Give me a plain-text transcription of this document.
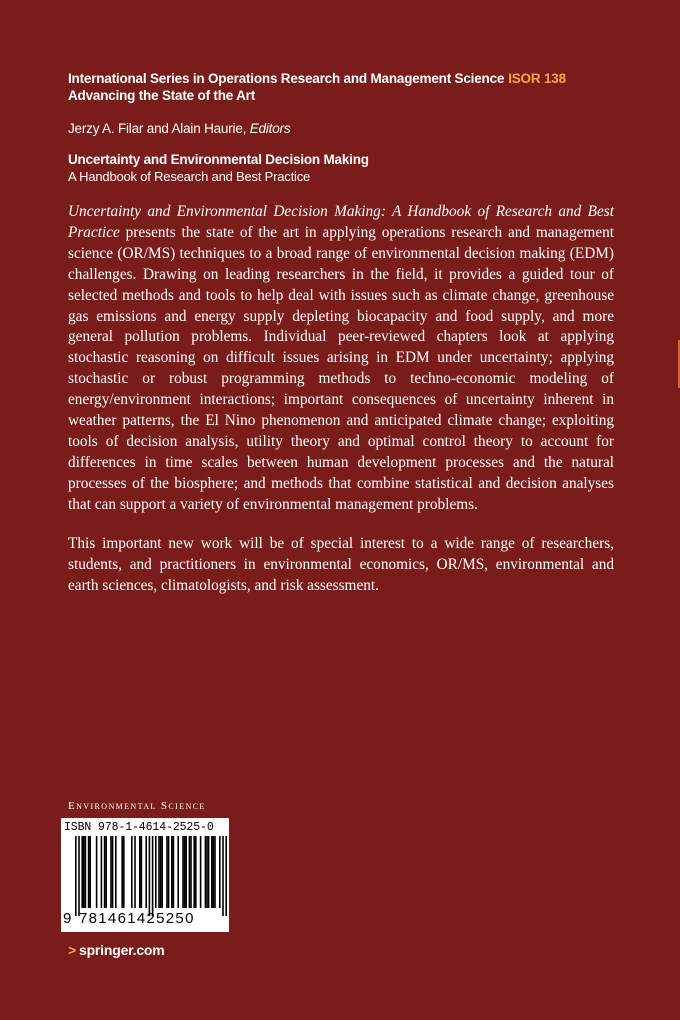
International Series in Operations Research and Management Science ISOR 138
Advancing the State of the Art
Jerzy A. Filar and Alain Haurie, Editors
Uncertainty and Environmental Decision Making
A Handbook of Research and Best Practice

Uncertainty and Environmental Decision Making: A Handbook of Research and Best Practice presents the state of the art in applying operations research and management science (OR/MS) techniques to a broad range of environmental decision making (EDM) challenges. Drawing on leading researchers in the field, it provides a guided tour of selected methods and tools to help deal with issues such as climate change, greenhouse gas emissions and energy supply depleting biocapacity and food supply, and more general pollution problems. Individual peer-reviewed chapters look at applying stochastic reasoning on difficult issues arising in EDM under uncertainty; applying stochastic or robust programming methods to techno-economic modeling of energy/environment interactions; important consequences of uncertainty inherent in weather patterns, the El Nino phenomenon and anticipated climate change; exploiting tools of decision analysis, utility theory and optimal control theory to account for differences in time scales between human development processes and the natural processes of the biosphere; and methods that combine statistical and decision analyses that can support a variety of environmental management problems.

This important new work will be of special interest to a wide range of researchers, students, and practitioners in environmental economics, OR/MS, environmental and earth sciences, climatologists, and risk assessment.

Environmental Science
ISBN 978-1-4614-2525-0
9 781461425250
> springer.com
